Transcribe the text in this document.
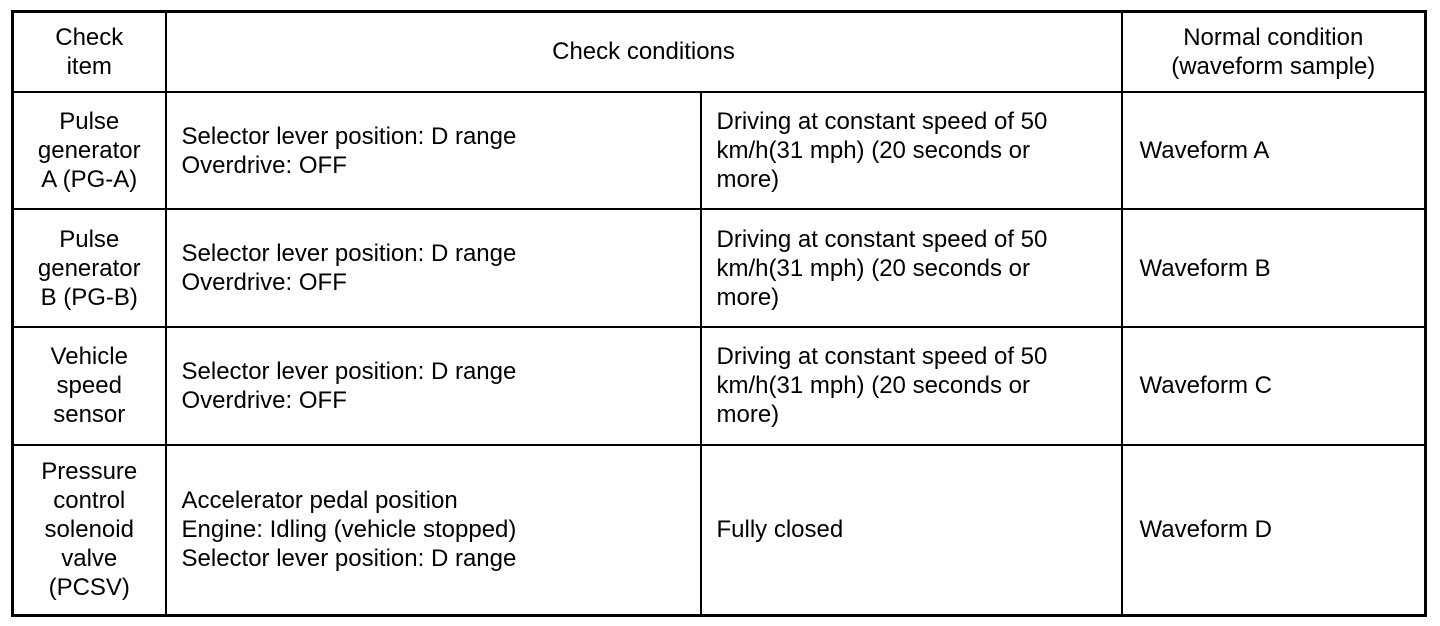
Check
item	Check conditions		Normal condition
(waveform sample)

Pulse
generator
A (PG-A)	Selector lever position: D range
Overdrive: OFF	Driving at constant speed of 50
km/h(31 mph) (20 seconds or
more)	Waveform A

Pulse
generator
B (PG-B)	Selector lever position: D range
Overdrive: OFF	Driving at constant speed of 50
km/h(31 mph) (20 seconds or
more)	Waveform B

Vehicle
speed
sensor	Selector lever position: D range
Overdrive: OFF	Driving at constant speed of 50
km/h(31 mph) (20 seconds or
more)	Waveform C

Pressure
control
solenoid
valve
(PCSV)	Accelerator pedal position
Engine: Idling (vehicle stopped)
Selector lever position: D range	Fully closed	Waveform D
